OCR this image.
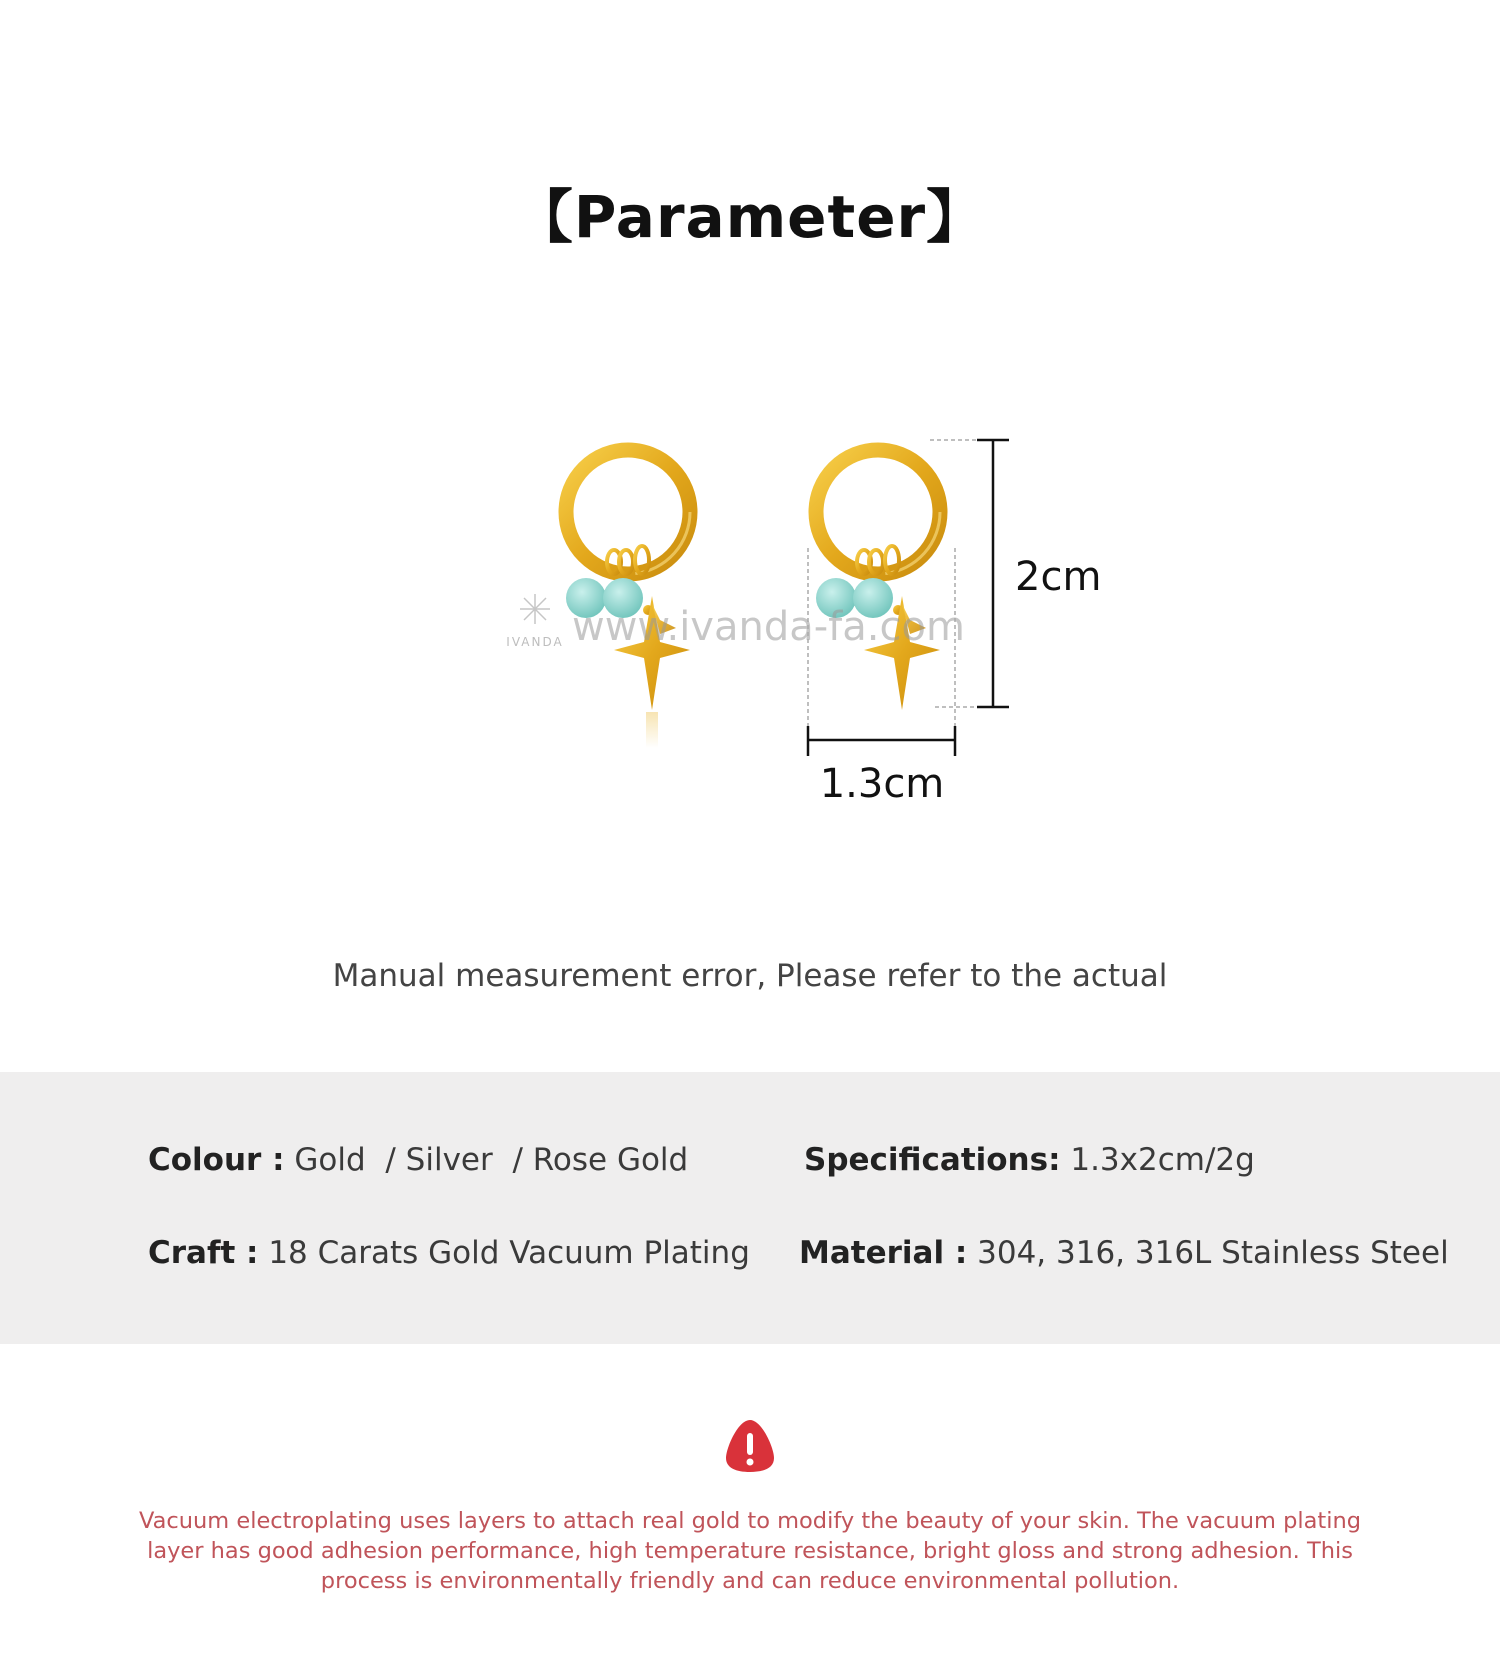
【Parameter】
IVANDA www.ivanda-fa.com
2cm
1.3cm
Manual measurement error, Please refer to the actual
Colour : Gold  / Silver  / Rose Gold	Specifications: 1.3x2cm/2g
Craft : 18 Carats Gold Vacuum Plating Material : 304, 316, 316L Stainless Steel
Vacuum electroplating uses layers to attach real gold to modify the beauty of your skin. The vacuum plating layer has good adhesion performance, high temperature resistance, bright gloss and strong adhesion. This process is environmentally friendly and can reduce environmental pollution.
